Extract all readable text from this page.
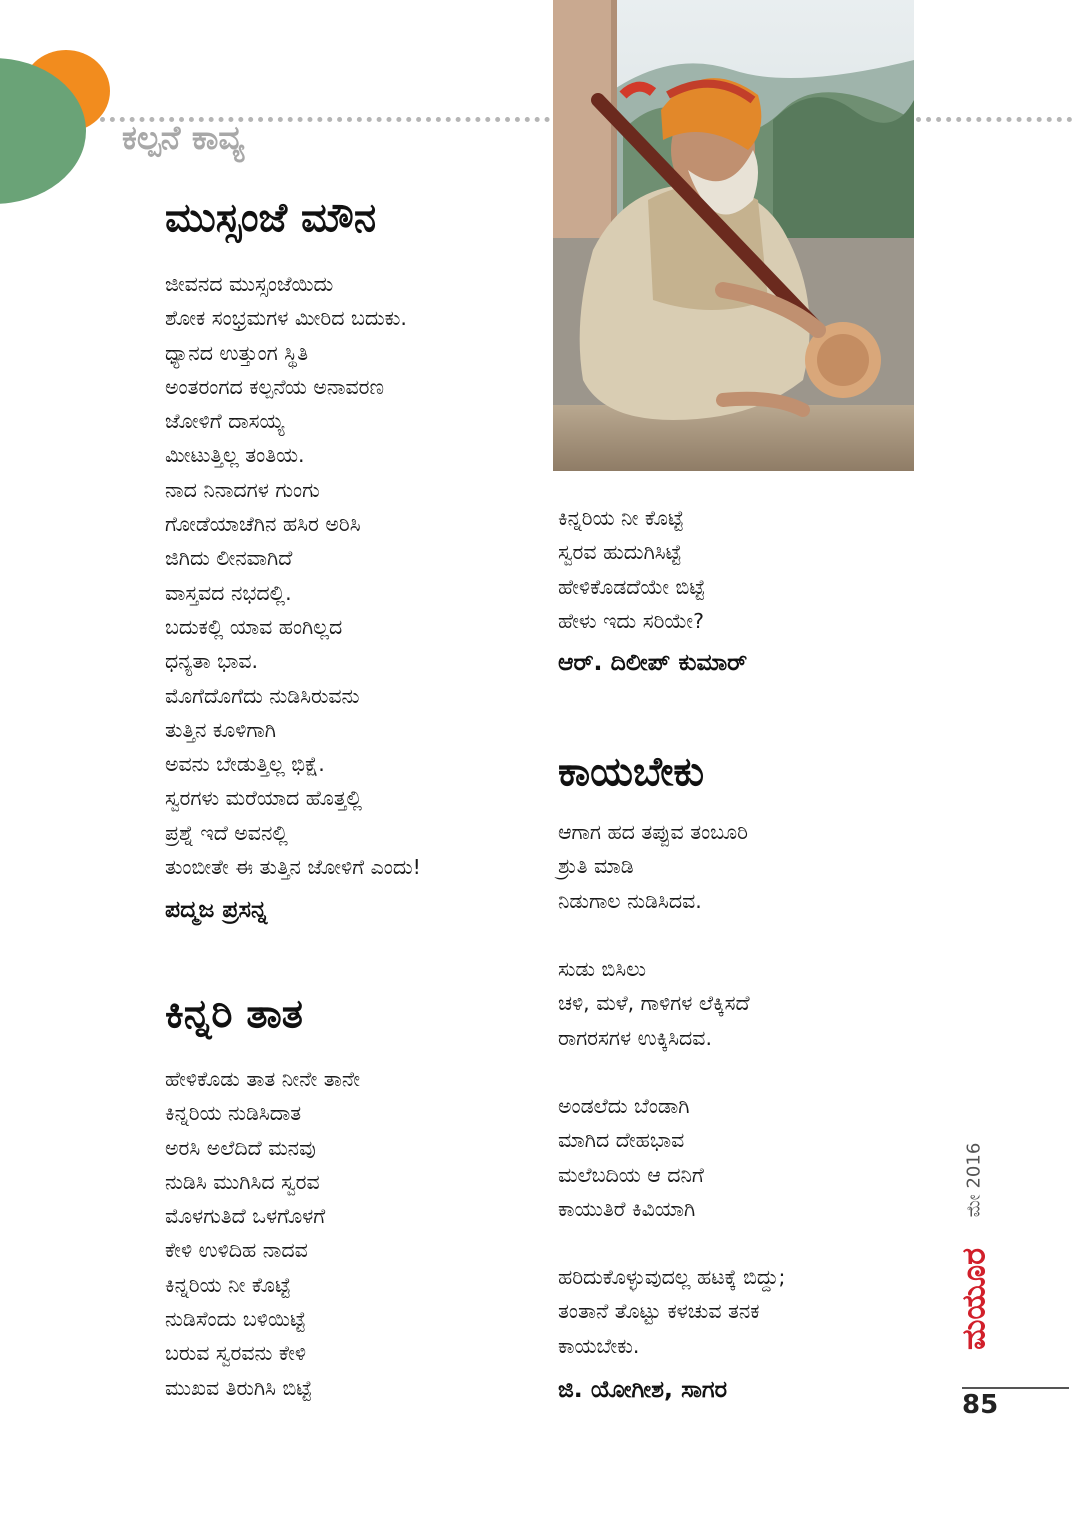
ಕಲ್ಪನೆ ಕಾವ್ಯ

ಮುಸ್ಸಂಜೆ ಮೌನ
ಜೀವನದ ಮುಸ್ಸಂಜೆಯಿದು
ಶೋಕ ಸಂಭ್ರಮಗಳ ಮೀರಿದ ಬದುಕು.
ಧ್ಯಾನದ ಉತ್ತುಂಗ ಸ್ಥಿತಿ
ಅಂತರಂಗದ ಕಲ್ಪನೆಯ ಅನಾವರಣ
ಜೋಳಿಗೆ ದಾಸಯ್ಯ
ಮೀಟುತ್ತಿಲ್ಲ ತಂತಿಯ.
ನಾದ ನಿನಾದಗಳ ಗುಂಗು
ಗೋಡೆಯಾಚೆಗಿನ ಹಸಿರ ಅರಿಸಿ
ಜಿಗಿದು ಲೀನವಾಗಿದೆ
ವಾಸ್ತವದ ನಭದಲ್ಲಿ.
ಬದುಕಲ್ಲಿ ಯಾವ ಹಂಗಿಲ್ಲದ
ಧನ್ಯತಾ ಭಾವ.
ಮೊಗೆದೊಗೆದು ನುಡಿಸಿರುವನು
ತುತ್ತಿನ ಕೂಳಿಗಾಗಿ
ಅವನು ಬೇಡುತ್ತಿಲ್ಲ ಭಿಕ್ಷೆ.
ಸ್ವರಗಳು ಮರೆಯಾದ ಹೊತ್ತಲ್ಲಿ
ಪ್ರಶ್ನೆ ಇದೆ ಅವನಲ್ಲಿ
ತುಂಬೀತೇ ಈ ತುತ್ತಿನ ಜೋಳಿಗೆ ಎಂದು!

ಪದ್ಮಜ ಪ್ರಸನ್ನ

ಕಿನ್ನರಿ ತಾತ
ಹೇಳಿಕೊಡು ತಾತ ನೀನೇ ತಾನೇ
ಕಿನ್ನರಿಯ ನುಡಿಸಿದಾತ
ಅರಸಿ ಅಲೆದಿದೆ ಮನವು
ನುಡಿಸಿ ಮುಗಿಸಿದ ಸ್ವರವ
ಮೊಳಗುತಿದೆ ಒಳಗೊಳಗೆ
ಕೇಳಿ ಉಳಿದಿಹ ನಾದವ
ಕಿನ್ನರಿಯ ನೀ ಕೊಟ್ಟೆ
ನುಡಿಸೆಂದು ಬಳಿಯಿಟ್ಟೆ
ಬರುವ ಸ್ವರವನು ಕೇಳಿ
ಮುಖವ ತಿರುಗಿಸಿ ಬಿಟ್ಟೆ
ಕಿನ್ನರಿಯ ನೀ ಕೊಟ್ಟೆ
ಸ್ವರವ ಹುದುಗಿಸಿಟ್ಟೆ
ಹೇಳಿಕೊಡದೆಯೇ ಬಿಟ್ಟೆ
ಹೇಳು ಇದು ಸರಿಯೇ?

ಆರ್. ದಿಲೀಪ್ ಕುಮಾರ್

ಕಾಯಬೇಕು
ಆಗಾಗ ಹದ ತಪ್ಪುವ ತಂಬೂರಿ
ಶ್ರುತಿ ಮಾಡಿ
ನಿಡುಗಾಲ ನುಡಿಸಿದವ.
ಸುಡು ಬಿಸಿಲು
ಚಳಿ, ಮಳೆ, ಗಾಳಿಗಳ ಲೆಕ್ಕಿಸದೆ
ರಾಗರಸಗಳ ಉಕ್ಕಿಸಿದವ.
ಅಂಡಲೆದು ಬೆಂಡಾಗಿ
ಮಾಗಿದ ದೇಹಭಾವ
ಮಲೆಬದಿಯ ಆ ದನಿಗೆ
ಕಾಯುತಿರೆ ಕಿವಿಯಾಗಿ
ಹರಿದುಕೊಳ್ಳುವುದಲ್ಲ ಹಟಕ್ಕೆ ಬಿದ್ದು;
ತಂತಾನೆ ತೊಟ್ಟು ಕಳಚುವ ತನಕ
ಕಾಯಬೇಕು.

ಜಿ. ಯೋಗೀಶ, ಸಾಗರ

ಮೇ 2016
ಮಯೂರ

85
